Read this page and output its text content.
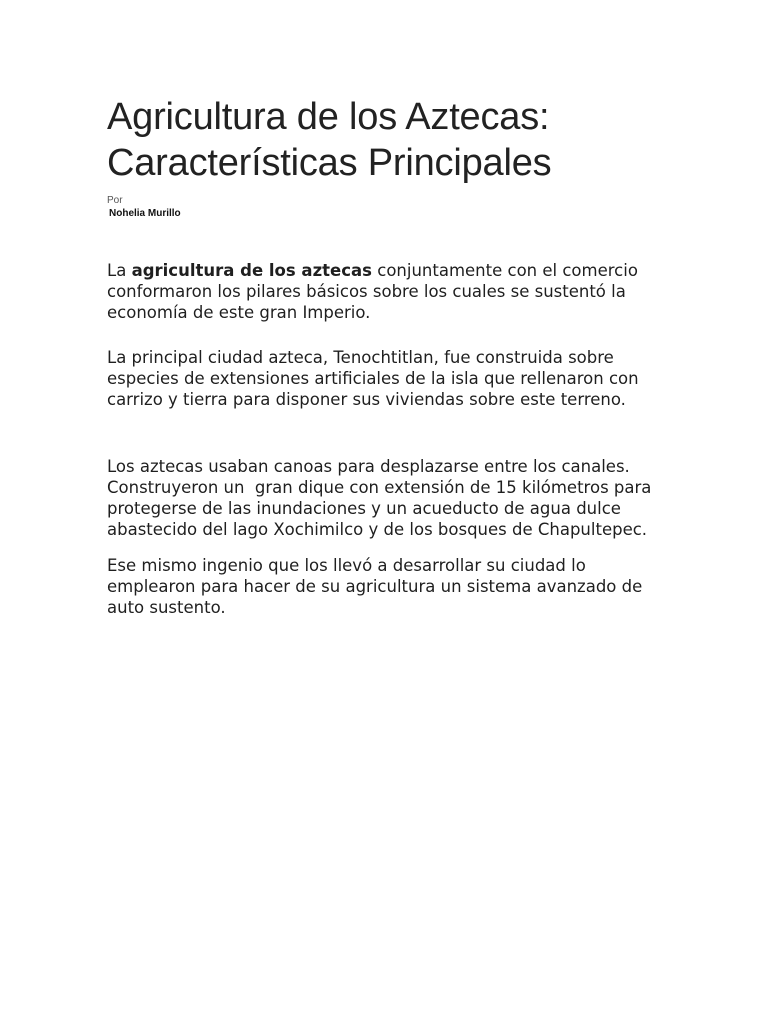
Agricultura de los Aztecas: Características Principales
Por
Nohelia Murillo

La agricultura de los aztecas conjuntamente con el comercio conformaron los pilares básicos sobre los cuales se sustentó la economía de este gran Imperio.

La principal ciudad azteca, Tenochtitlan, fue construida sobre especies de extensiones artificiales de la isla que rellenaron con carrizo y tierra para disponer sus viviendas sobre este terreno.

Los aztecas usaban canoas para desplazarse entre los canales. Construyeron un  gran dique con extensión de 15 kilómetros para protegerse de las inundaciones y un acueducto de agua dulce abastecido del lago Xochimilco y de los bosques de Chapultepec.

Ese mismo ingenio que los llevó a desarrollar su ciudad lo emplearon para hacer de su agricultura un sistema avanzado de auto sustento.
